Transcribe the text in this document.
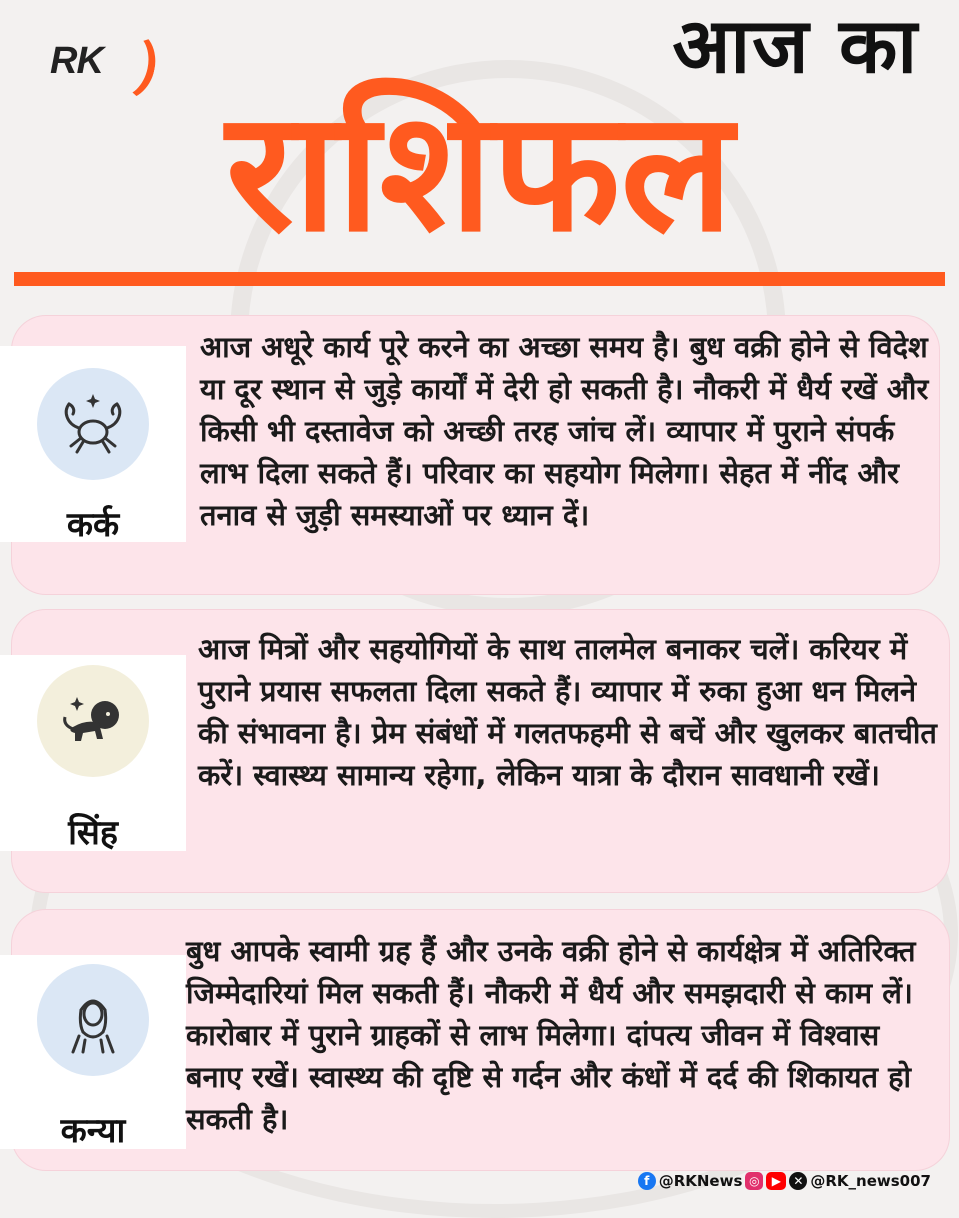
RK	आज का
राशिफल
कर्क
आज अधूरे कार्य पूरे करने का अच्छा समय है। बुध वक्री होने से विदेश या दूर स्थान से जुड़े कार्यों में देरी हो सकती है। नौकरी में धैर्य रखें और किसी भी दस्तावेज को अच्छी तरह जांच लें। व्यापार में पुराने संपर्क लाभ दिला सकते हैं। परिवार का सहयोग मिलेगा। सेहत में नींद और तनाव से जुड़ी समस्याओं पर ध्यान दें।
सिंह
आज मित्रों और सहयोगियों के साथ तालमेल बनाकर चलें। करियर में पुराने प्रयास सफलता दिला सकते हैं। व्यापार में रुका हुआ धन मिलने की संभावना है। प्रेम संबंधों में गलतफहमी से बचें और खुलकर बातचीत करें। स्वास्थ्य सामान्य रहेगा, लेकिन यात्रा के दौरान सावधानी रखें।
कन्या
बुध आपके स्वामी ग्रह हैं और उनके वक्री होने से कार्यक्षेत्र में अतिरिक्त जिम्मेदारियां मिल सकती हैं। नौकरी में धैर्य और समझदारी से काम लें। कारोबार में पुराने ग्राहकों से लाभ मिलेगा। दांपत्य जीवन में विश्वास बनाए रखें। स्वास्थ्य की दृष्टि से गर्दन और कंधों में दर्द की शिकायत हो सकती है।
f @RKNews ◎	▶	✕ @RK_news007
